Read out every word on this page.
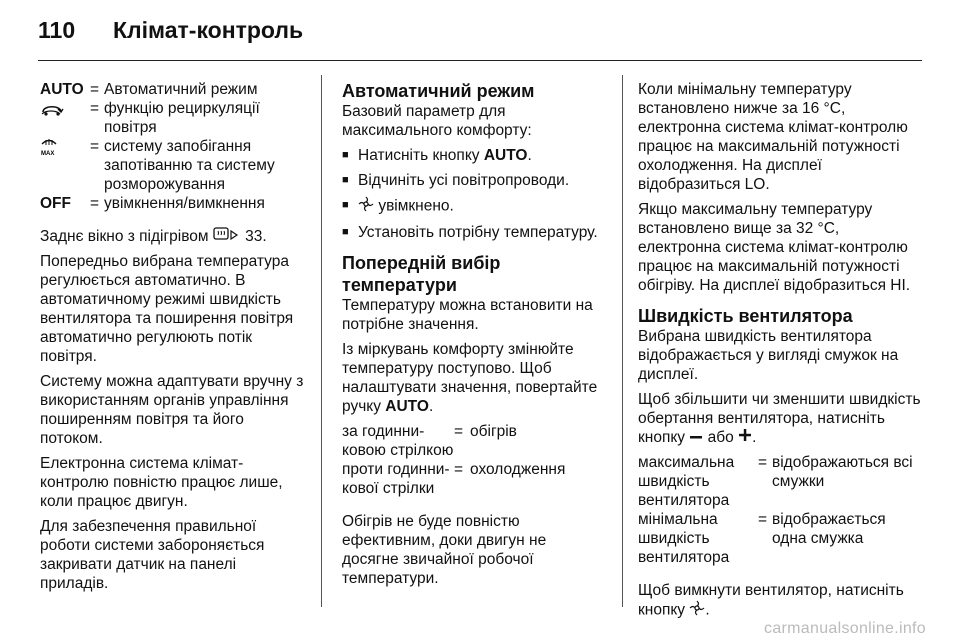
110	Клімат-контроль
AUTO = Автоматичний режим
= функцію рециркуляції повітря
MAX = систему запобігання запотіванню та систему розморожування
OFF	= увімкнення/вимкнення

Заднє вікно з підігрівом  33.

Попередньо вибрана температура регулюється автоматично. В автоматичному режимі швидкість вентилятора та поширення повітря автоматично регулюють потік повітря.

Систему можна адаптувати вручну з використанням органів управління поширенням повітря та його потоком.

Електронна система клімат-контролю повністю працює лише, коли працює двигун.

Для забезпечення правильної роботи системи забороняється закривати датчик на панелі приладів.

Автоматичний режим

Базовий параметр для максимального комфорту:

■ Натисніть кнопку AUTO.
■ Відчиніть усі повітропроводи.
■ увімкнено.
■ Установіть потрібну температуру.
Попередній вибір температури

Температуру можна встановити на потрібне значення.

Із міркувань комфорту змінюйте температуру поступово. Щоб налаштувати значення, повертайте ручку AUTO.

за годинни-ковою стрілкою
= обігрів
проти годинни-кової стрілки
= охолодження

Обігрів не буде повністю ефективним, доки двигун не досягне звичайної робочої температури.

Коли мінімальну температуру встановлено нижче за 16 °C, електронна система клімат-контролю працює на максимальній потужності охолодження. На дисплеї відобразиться LO.

Якщо максимальну температуру встановлено вище за 32 °C, електронна система клімат-контролю працює на максимальній потужності обігріву. На дисплеї відобразиться HI.

Швидкість вентилятора

Вибрана швидкість вентилятора відображається у вигляді смужок на дисплеї.

Щоб збільшити чи зменшити швидкість обертання вентилятора, натисніть кнопку  або .

максимальна швидкість вентилятора
= відображаються всі смужки
мінімальна швидкість вентилятора
= відображається одна смужка

Щоб вимкнути вентилятор, натисніть кнопку .

carmanualsonline.info
